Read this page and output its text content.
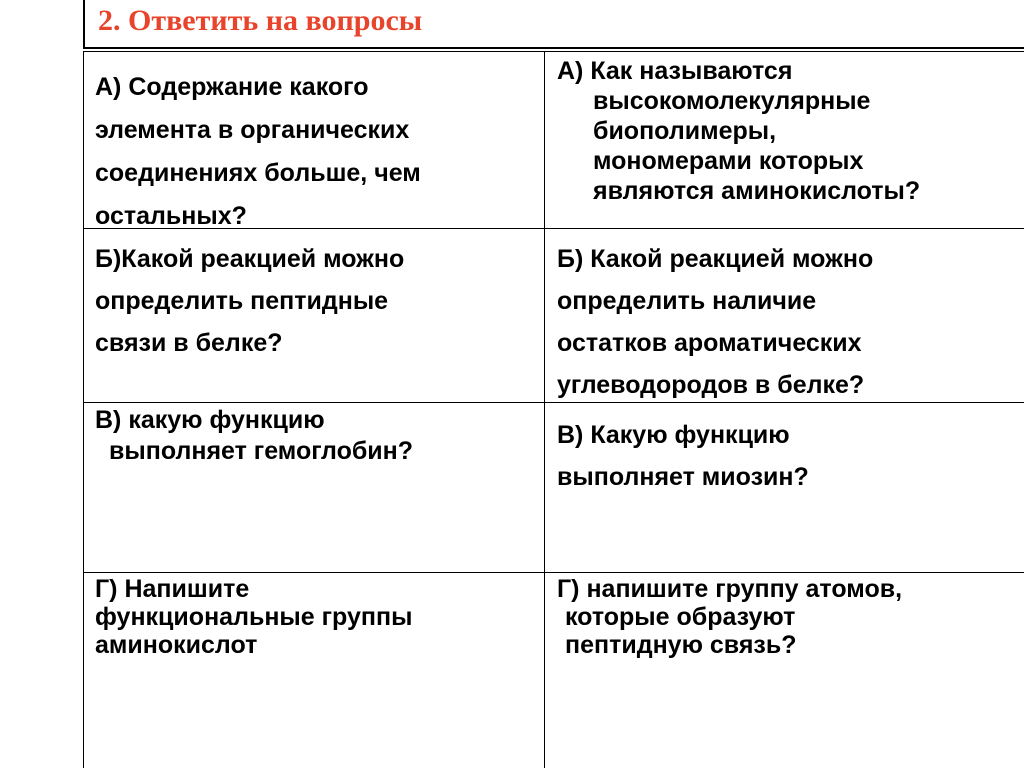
2. Ответить на вопросы
А) Содержание какого
элемента в органических
соединениях больше, чем
остальных?	А) Как называются
высокомолекулярные
биополимеры,
мономерами которых
являются аминокислоты?

Б)Какой реакцией можно
определить пептидные
связи в белке?	Б) Какой реакцией можно
определить наличие
остатков ароматических
углеводородов в белке?

В) какую функцию
выполняет гемоглобин?	В) Какую функцию
выполняет миозин?

Г) Напишите
функциональные группы
аминокислот	Г) напишите группу атомов,
которые образуют
пептидную связь?
